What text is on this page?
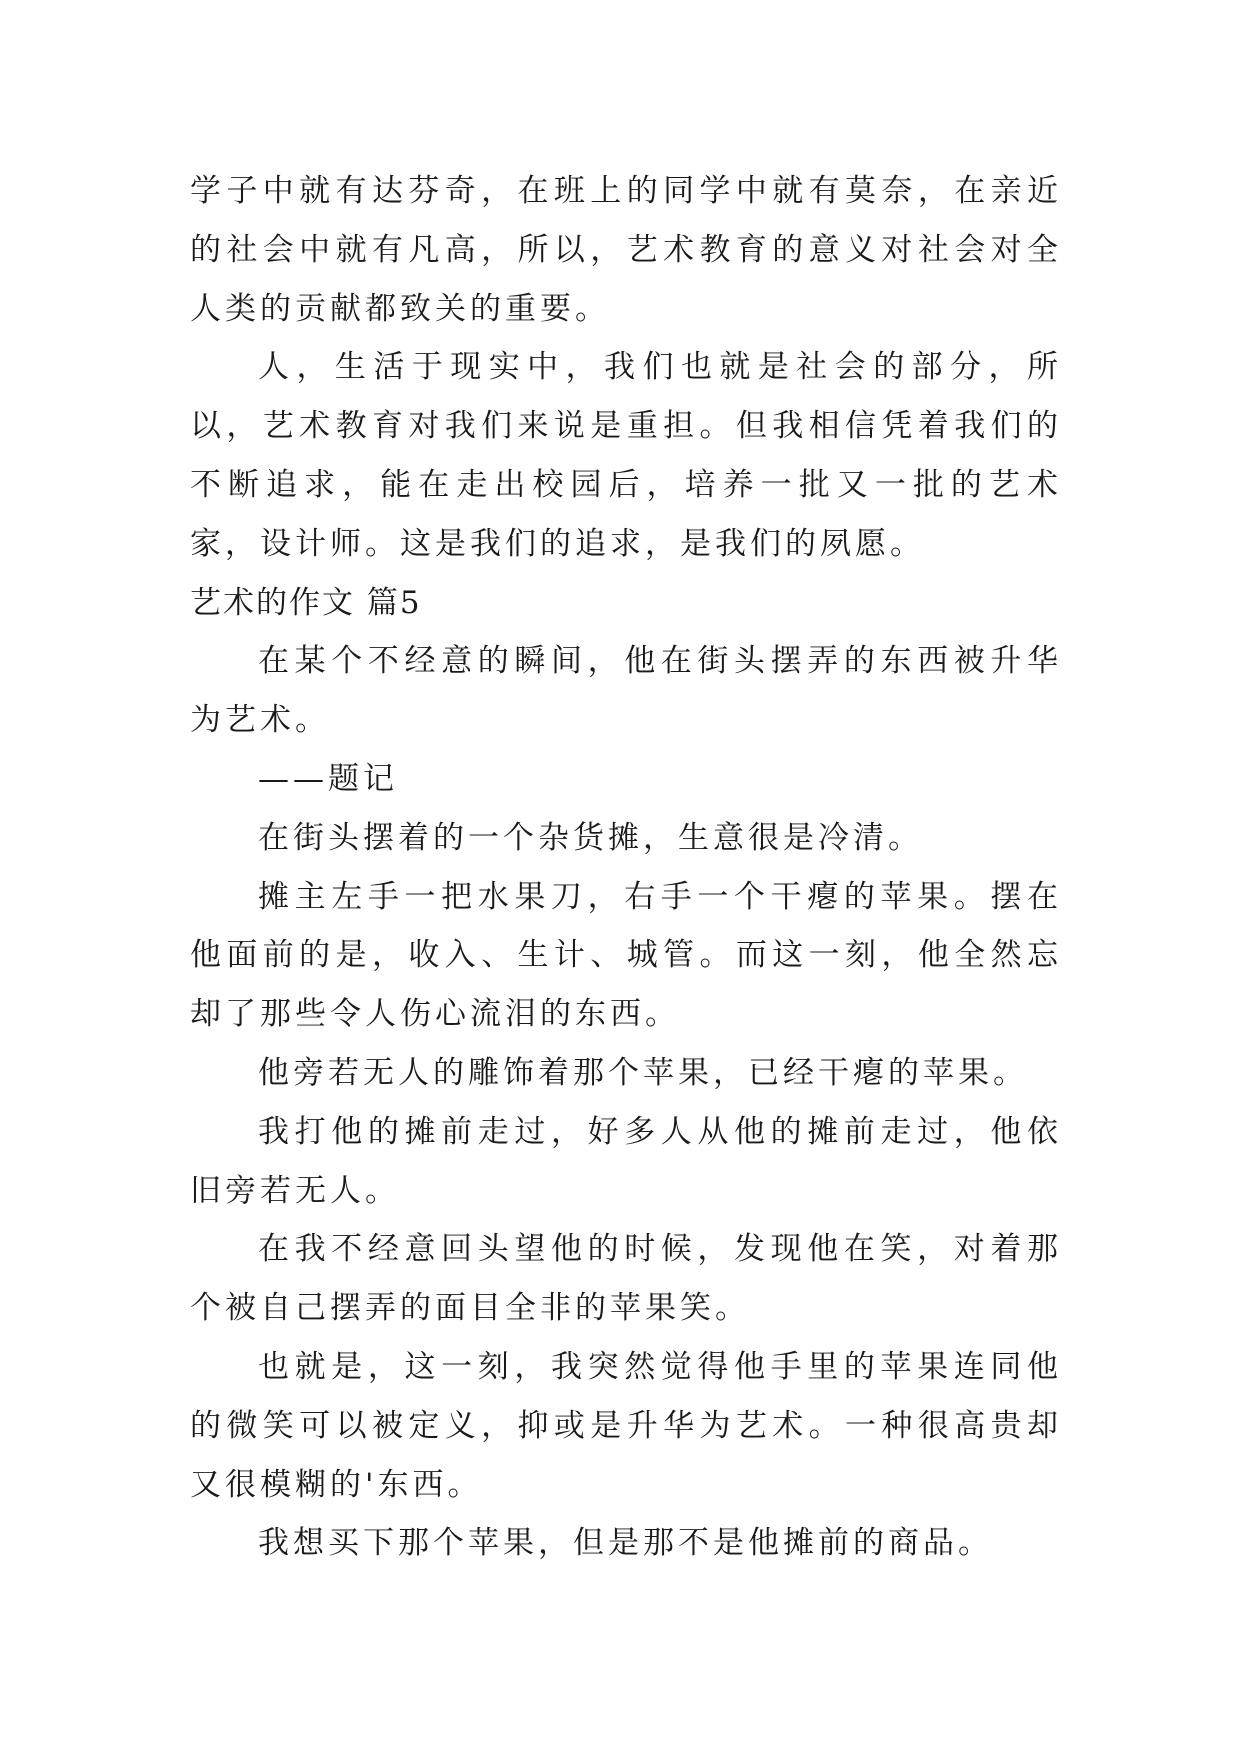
学子中就有达芬奇，在班上的同学中就有莫奈，在亲近的社会中就有凡高，所以，艺术教育的意义对社会对全人类的贡献都致关的重要。

人，生活于现实中，我们也就是社会的部分，所以，艺术教育对我们来说是重担。但我相信凭着我们的不断追求，能在走出校园后，培养一批又一批的艺术家，设计师。这是我们的追求，是我们的夙愿。

艺术的作文 篇5

在某个不经意的瞬间，他在街头摆弄的东西被升华为艺术。

——题记

在街头摆着的一个杂货摊，生意很是冷清。

摊主左手一把水果刀，右手一个干瘪的苹果。摆在他面前的是，收入、生计、城管。而这一刻，他全然忘却了那些令人伤心流泪的东西。

他旁若无人的雕饰着那个苹果，已经干瘪的苹果。

我打他的摊前走过，好多人从他的摊前走过，他依旧旁若无人。

在我不经意回头望他的时候，发现他在笑，对着那个被自己摆弄的面目全非的苹果笑。

也就是，这一刻，我突然觉得他手里的苹果连同他的微笑可以被定义，抑或是升华为艺术。一种很高贵却又很模糊的'东西。

我想买下那个苹果，但是那不是他摊前的商品。
